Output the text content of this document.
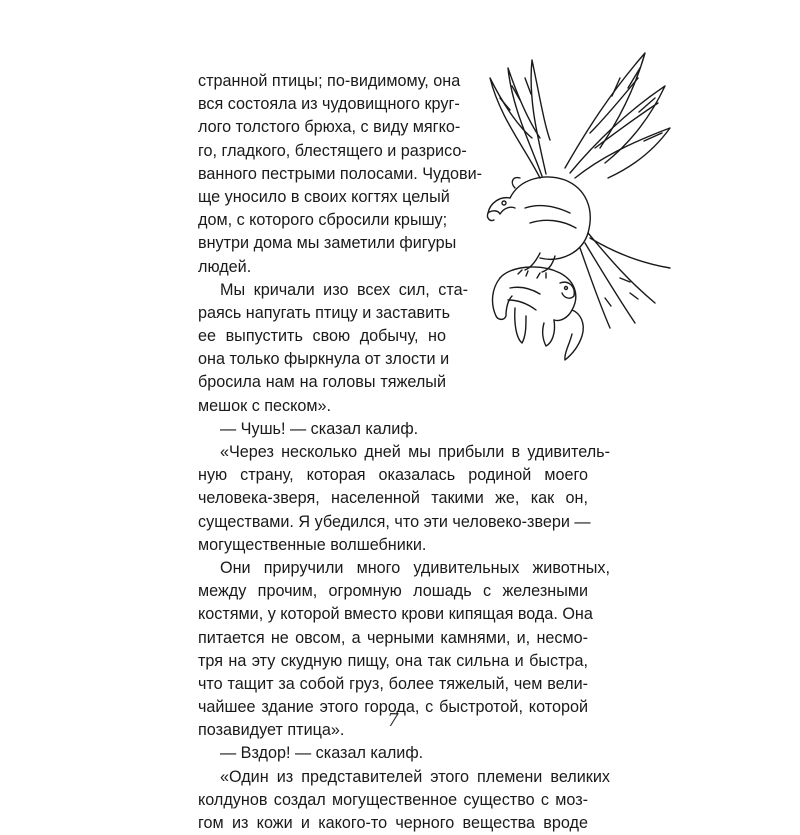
странной птицы; по-видимому, она
вся состояла из чудовищного круг-
лого толстого брюха, с виду мягко-
го, гладкого, блестящего и разрисо-
ванного пестрыми полосами. Чудови-
ще уносило в своих когтях целый
дом, с которого сбросили крышу;
внутри дома мы заметили фигуры
людей.
Мы кричали изо всех сил, ста-
раясь напугать птицу и заставить
ее выпустить свою добычу, но
она только фыркнула от злости и
бросила нам на головы тяжелый
мешок с песком».
— Чушь! — сказал калиф.
«Через несколько дней мы прибыли в удивитель-
ную страну, которая оказалась родиной моего
человека-зверя, населенной такими же, как он,
существами. Я убедился, что эти человеко-звери —
могущественные волшебники.
Они приручили много удивительных животных,
между прочим, огромную лошадь с железными
костями, у которой вместо крови кипящая вода. Она
питается не овсом, а черными камнями, и, несмо-
тря на эту скудную пищу, она так сильна и быстра,
что тащит за собой груз, более тяжелый, чем вели-
чайшее здание этого города, с быстротой, которой
позавидует птица».
— Вздор! — сказал калиф.
«Один из представителей этого племени великих
колдунов создал могущественное существо с моз-
гом из кожи и какого-то черного вещества вроде
7
